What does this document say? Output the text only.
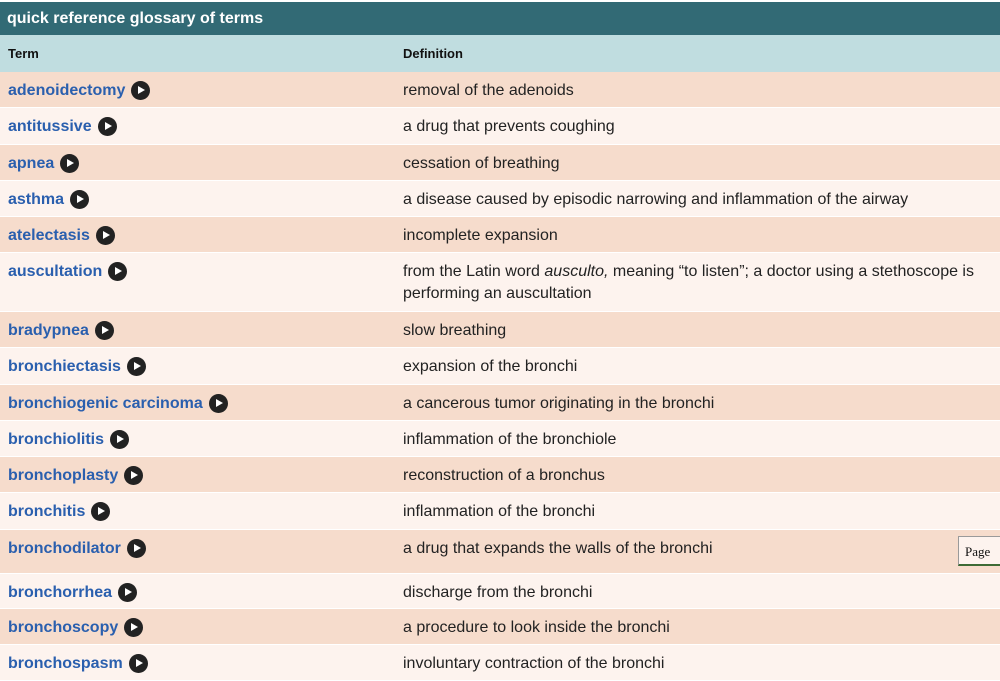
quick reference glossary of terms
Term	Definition
adenoidectomy	removal of the adenoids
antitussive	a drug that prevents coughing
apnea	cessation of breathing
asthma	a disease caused by episodic narrowing and inflammation of the airway
atelectasis	incomplete expansion
auscultation	from the Latin word ausculto, meaning “to listen”; a doctor using a stethoscope is performing an auscultation
bradypnea	slow breathing
bronchiectasis	expansion of the bronchi
bronchiogenic carcinoma	a cancerous tumor originating in the bronchi
bronchiolitis	inflammation of the bronchiole
bronchoplasty	reconstruction of a bronchus
bronchitis	inflammation of the bronchi
bronchodilator	a drug that expands the walls of the bronchi
bronchorrhea	discharge from the bronchi
bronchoscopy	a procedure to look inside the bronchi
bronchospasm	involuntary contraction of the bronchi
Page
